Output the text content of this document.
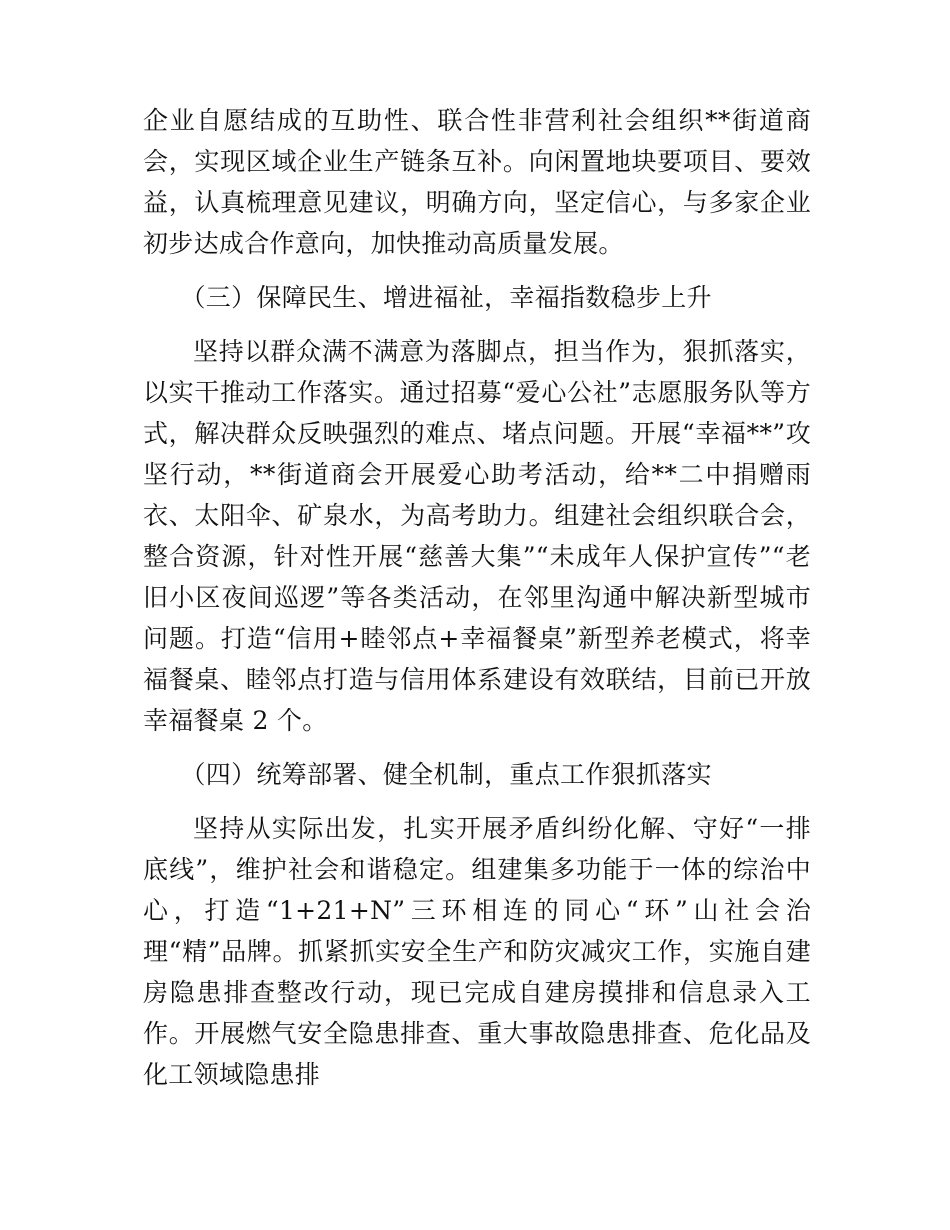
企业自愿结成的互助性、联合性非营利社会组织**街道商会，实现区域企业生产链条互补。向闲置地块要项目、要效益，认真梳理意见建议，明确方向，坚定信心，与多家企业初步达成合作意向，加快推动高质量发展。

（三）保障民生、增进福祉，幸福指数稳步上升

坚持以群众满不满意为落脚点，担当作为，狠抓落实，以实干推动工作落实。通过招募“爱心公社”志愿服务队等方式，解决群众反映强烈的难点、堵点问题。开展“幸福**”攻坚行动，**街道商会开展爱心助考活动，给**二中捐赠雨衣、太阳伞、矿泉水，为高考助力。组建社会组织联合会，整合资源，针对性开展“慈善大集”“未成年人保护宣传”“老旧小区夜间巡逻”等各类活动，在邻里沟通中解决新型城市问题。打造“信用+睦邻点+幸福餐桌”新型养老模式，将幸福餐桌、睦邻点打造与信用体系建设有效联结，目前已开放幸福餐桌 2 个。

（四）统筹部署、健全机制，重点工作狠抓落实

坚持从实际出发，扎实开展矛盾纠纷化解、守好“一排底线”，维护社会和谐稳定。组建集多功能于一体的综治中心，打造“1+21+N”三环相连的同心“环”山社会治理“精”品牌。抓紧抓实安全生产和防灾减灾工作，实施自建房隐患排查整改行动，现已完成自建房摸排和信息录入工作。开展燃气安全隐患排查、重大事故隐患排查、危化品及化工领域隐患排
